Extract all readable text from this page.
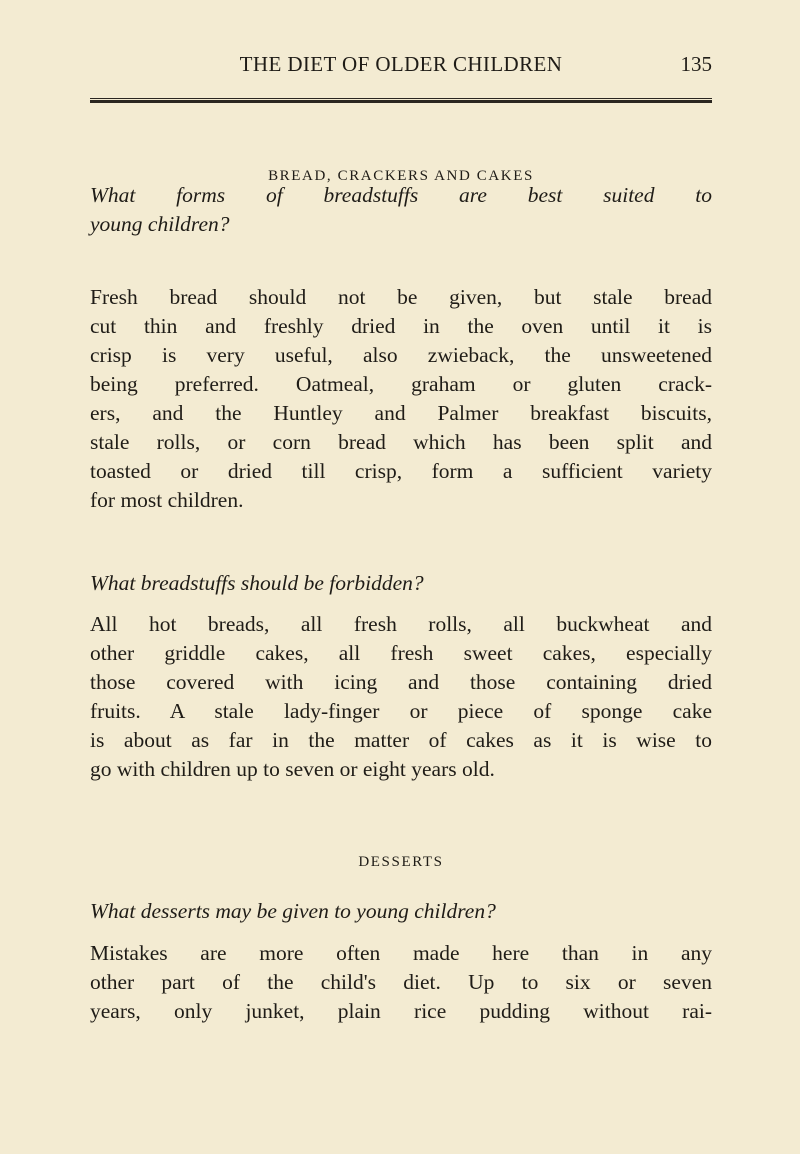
THE DIET OF OLDER CHILDREN	135
BREAD, CRACKERS AND CAKES
What forms of breadstuffs are best suited to
young children?
Fresh bread should not be given, but stale bread
cut thin and freshly dried in the oven until it is
crisp is very useful, also zwieback, the unsweetened
being preferred. Oatmeal, graham or gluten crack-
ers, and the Huntley and Palmer breakfast biscuits,
stale rolls, or corn bread which has been split and
toasted or dried till crisp, form a sufficient variety
for most children.
What breadstuffs should be forbidden?
All hot breads, all fresh rolls, all buckwheat and
other griddle cakes, all fresh sweet cakes, especially
those covered with icing and those containing dried
fruits. A stale lady-finger or piece of sponge cake
is about as far in the matter of cakes as it is wise to
go with children up to seven or eight years old.
DESSERTS
What desserts may be given to young children?
Mistakes are more often made here than in any
other part of the child's diet. Up to six or seven
years, only junket, plain rice pudding without rai-
